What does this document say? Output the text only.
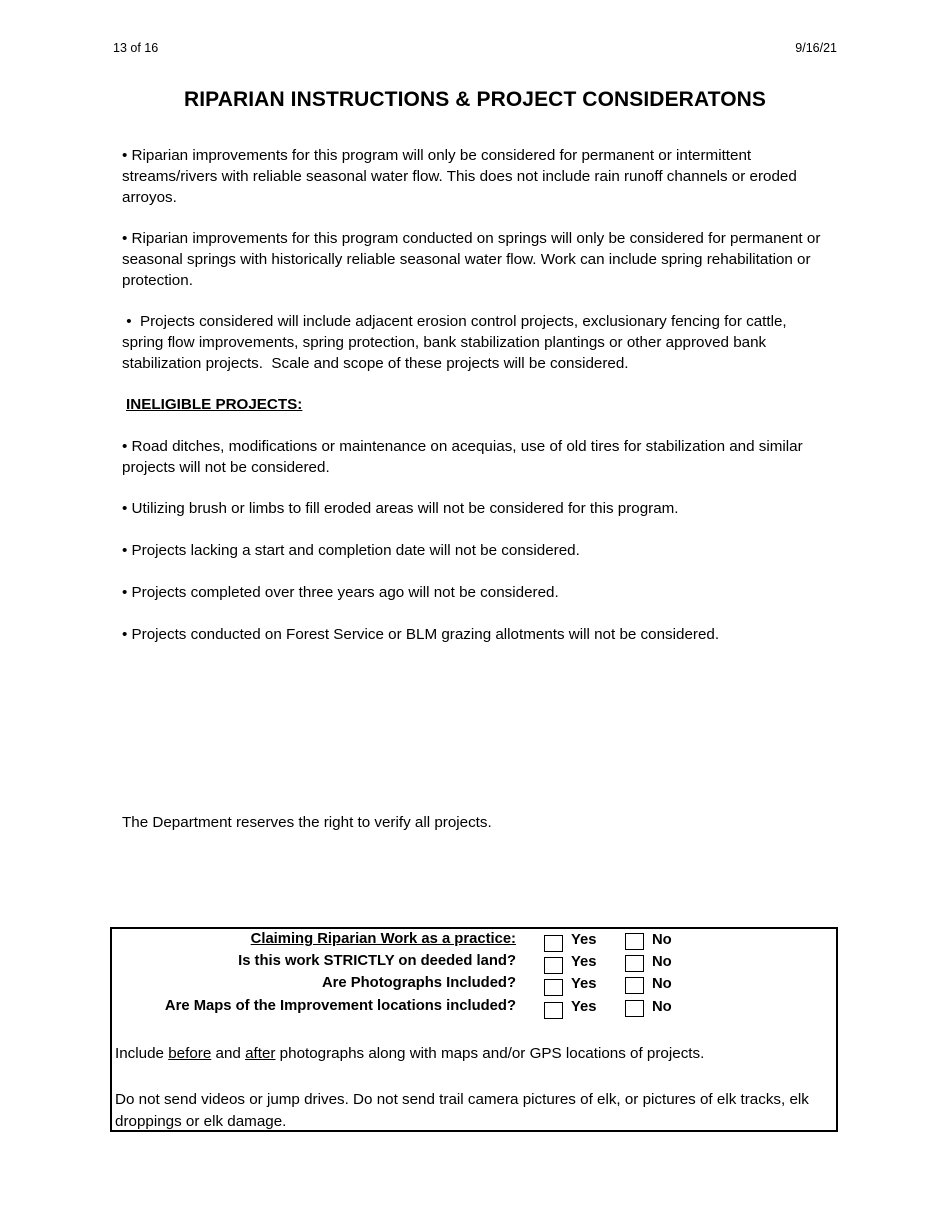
13 of 16	9/16/21
RIPARIAN INSTRUCTIONS & PROJECT CONSIDERATONS
• Riparian improvements for this program will only be considered for permanent or intermittent streams/rivers with reliable seasonal water flow. This does not include rain runoff channels or eroded arroyos.
• Riparian improvements for this program conducted on springs will only be considered for permanent or seasonal springs with historically reliable seasonal water flow. Work can include spring rehabilitation or protection.
•  Projects considered will include adjacent erosion control projects, exclusionary fencing for cattle, spring flow improvements, spring protection, bank stabilization plantings or other approved bank stabilization projects.  Scale and scope of these projects will be considered.
INELIGIBLE PROJECTS:
• Road ditches, modifications or maintenance on acequias, use of old tires for stabilization and similar projects will not be considered.
• Utilizing brush or limbs to fill eroded areas will not be considered for this program.
• Projects lacking a start and completion date will not be considered.
• Projects completed over three years ago will not be considered.
• Projects conducted on Forest Service or BLM grazing allotments will not be considered.
The Department reserves the right to verify all projects.
Claiming Riparian Work as a practice:	Yes	No
Is this work STRICTLY on deeded land?	Yes	No
Are Photographs Included?	Yes	No
Are Maps of the Improvement locations included?	Yes	No
Include before and after photographs along with maps and/or GPS locations of projects.
Do not send videos or jump drives. Do not send trail camera pictures of elk, or pictures of elk tracks, elk droppings or elk damage.
